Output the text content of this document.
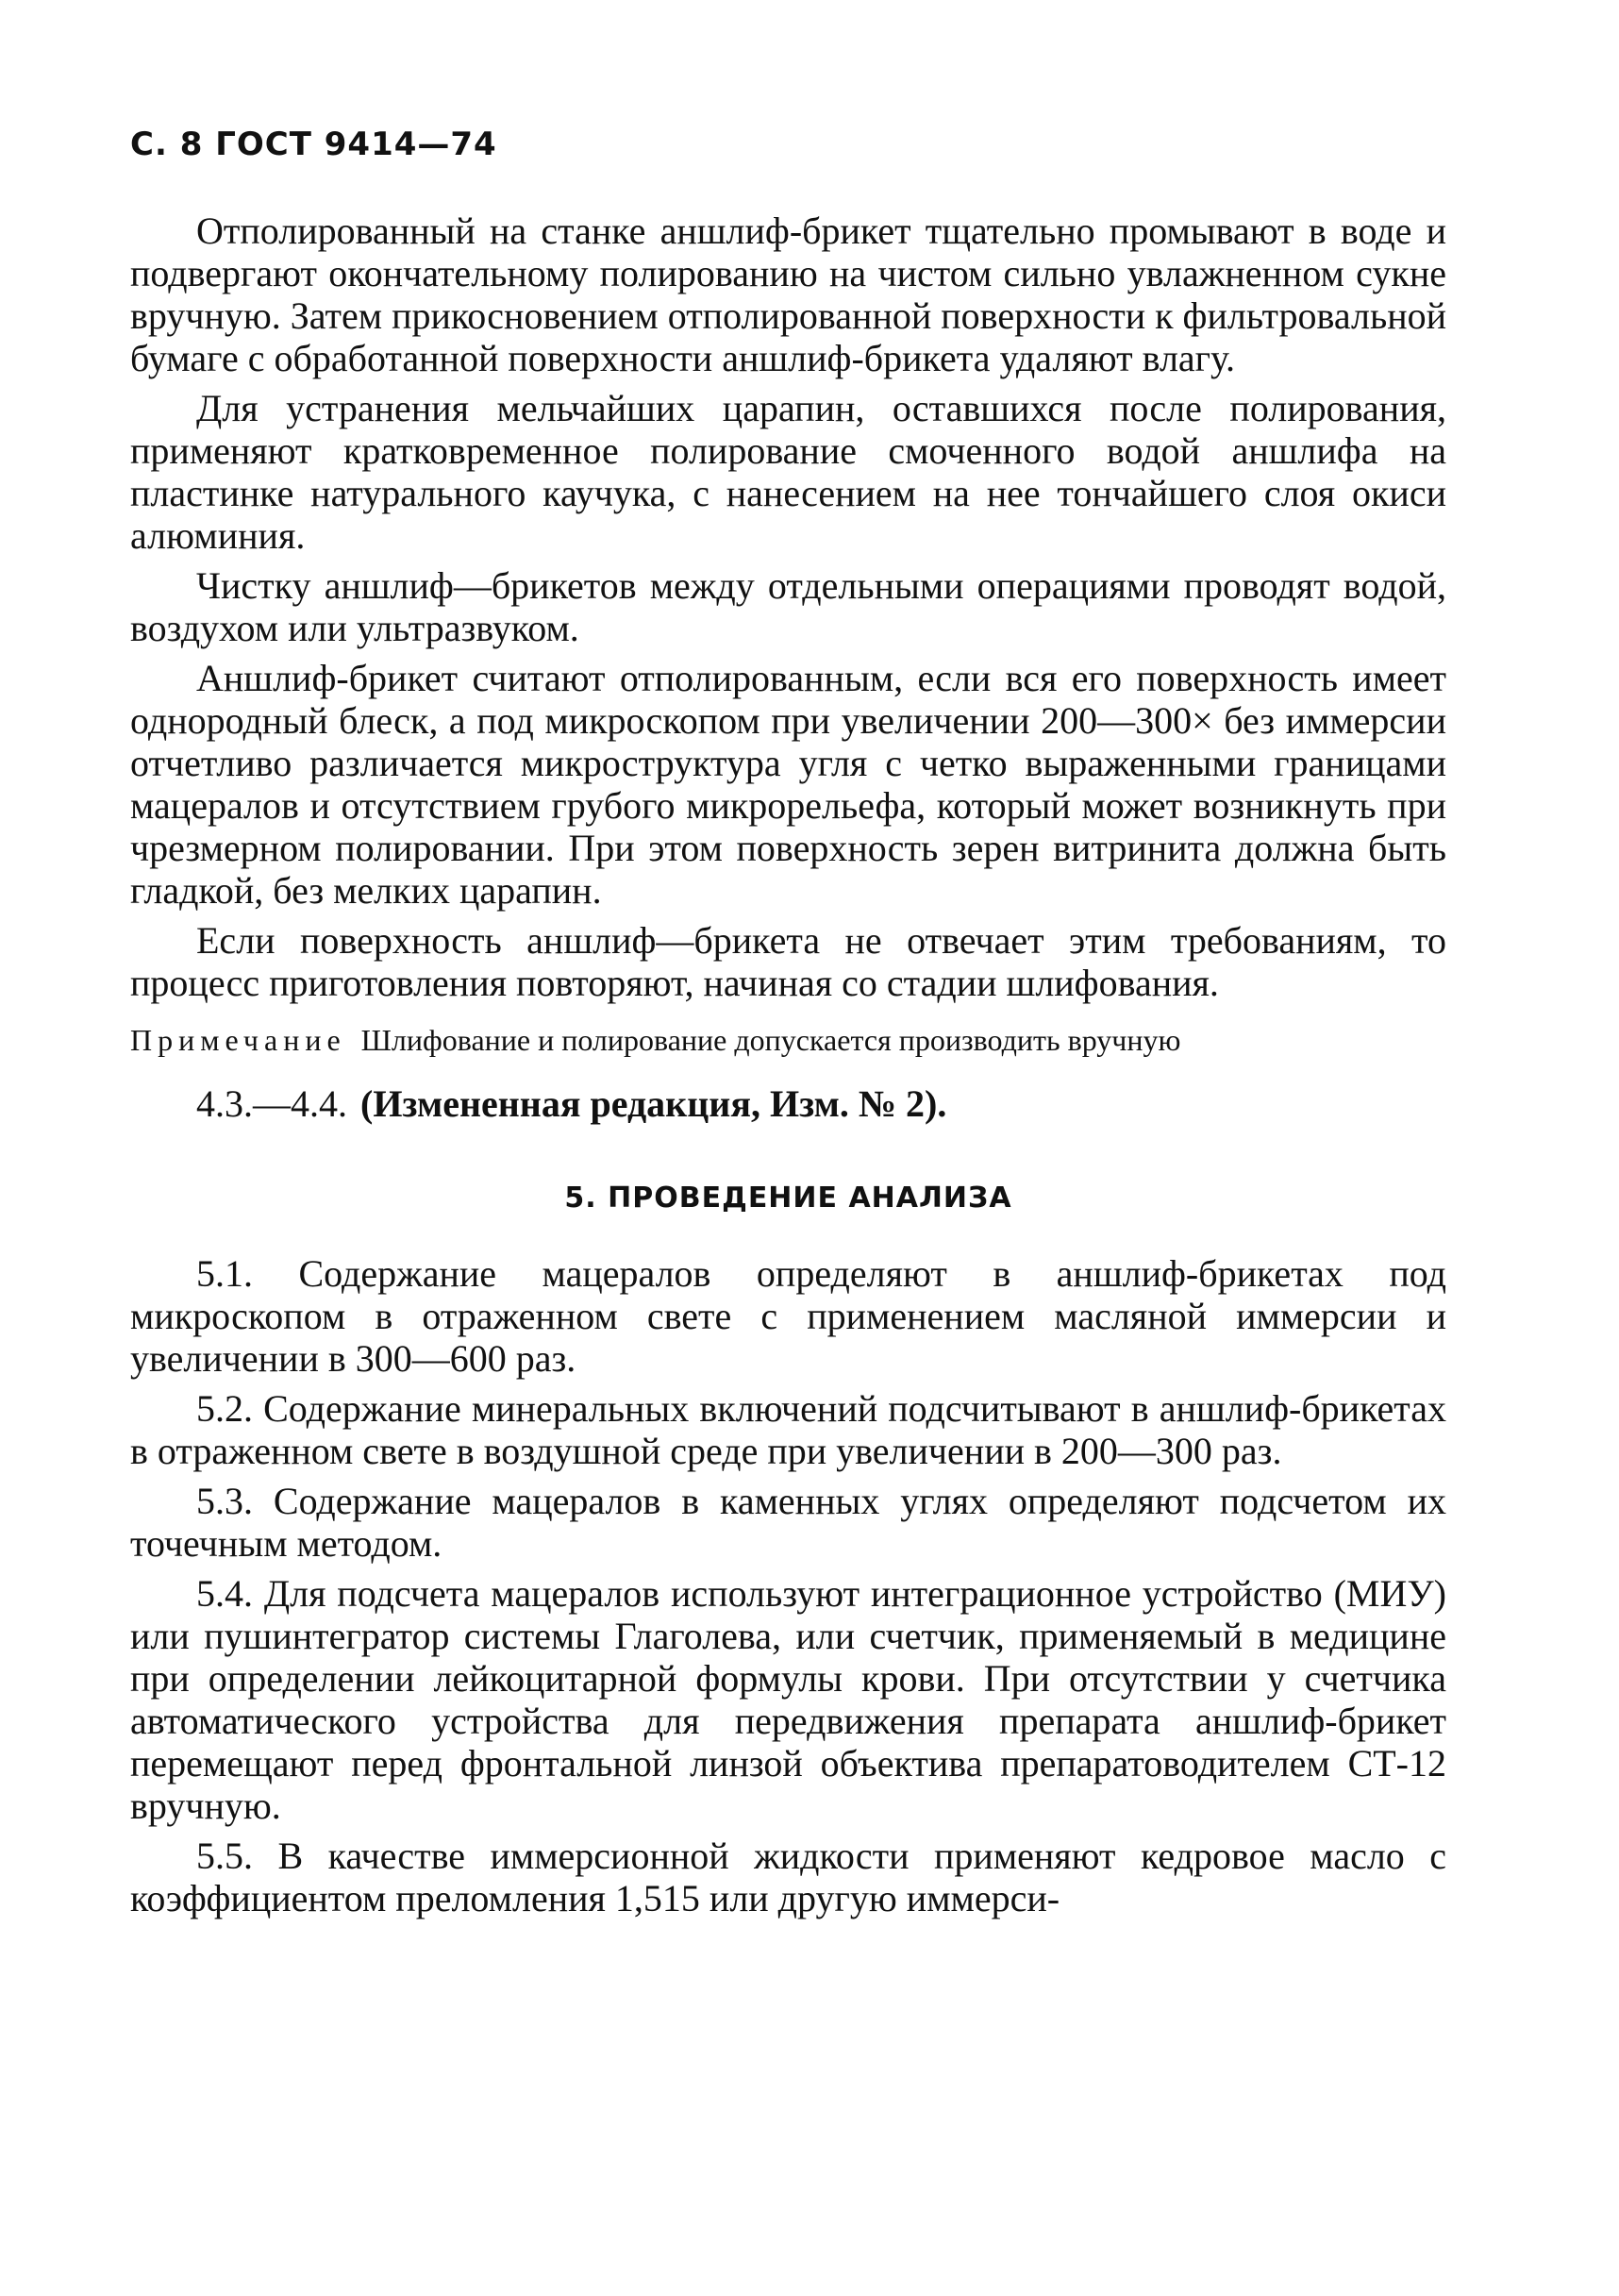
С. 8 ГОСТ 9414—74

Отполированный на станке аншлиф-брикет тщательно промывают в воде и подвергают окончательному полированию на чистом сильно увлажненном сукне вручную. Затем прикосновением отполированной поверхности к фильтровальной бумаге с обработанной поверхности аншлиф-брикета удаляют влагу.

Для устранения мельчайших царапин, оставшихся после полирования, применяют кратковременное полирование смоченного водой аншлифа на пластинке натурального каучука, с нанесением на нее тончайшего слоя окиси алюминия.

Чистку аншлиф—брикетов между отдельными операциями проводят водой, воздухом или ультразвуком.

Аншлиф-брикет считают отполированным, если вся его поверхность имеет однородный блеск, а под микроскопом при увеличении 200—300× без иммерсии отчетливо различается микроструктура угля с четко выраженными границами мацералов и отсутствием грубого микрорельефа, который может возникнуть при чрезмерном полировании. При этом поверхность зерен витринита должна быть гладкой, без мелких царапин.

Если поверхность аншлиф—брикета не отвечает этим требованиям, то процесс приготовления повторяют, начиная со стадии шлифования.

Примечание Шлифование и полирование допускается производить вручную

4.3.—4.4. (Измененная редакция, Изм. № 2).

5. ПРОВЕДЕНИЕ АНАЛИЗА

5.1. Содержание мацералов определяют в аншлиф-брикетах под микроскопом в отраженном свете с применением масляной иммерсии и увеличении в 300—600 раз.

5.2. Содержание минеральных включений подсчитывают в аншлиф-брикетах в отраженном свете в воздушной среде при увеличении в 200—300 раз.

5.3. Содержание мацералов в каменных углях определяют подсчетом их точечным методом.

5.4. Для подсчета мацералов используют интеграционное устройство (МИУ) или пушинтегратор системы Глаголева, или счетчик, применяемый в медицине при определении лейкоцитарной формулы крови. При отсутствии у счетчика автоматического устройства для передвижения препарата аншлиф-брикет перемещают перед фронтальной линзой объектива препаратоводителем СТ-12 вручную.

5.5. В качестве иммерсионной жидкости применяют кедровое масло с коэффициентом преломления 1,515 или другую иммерси-
